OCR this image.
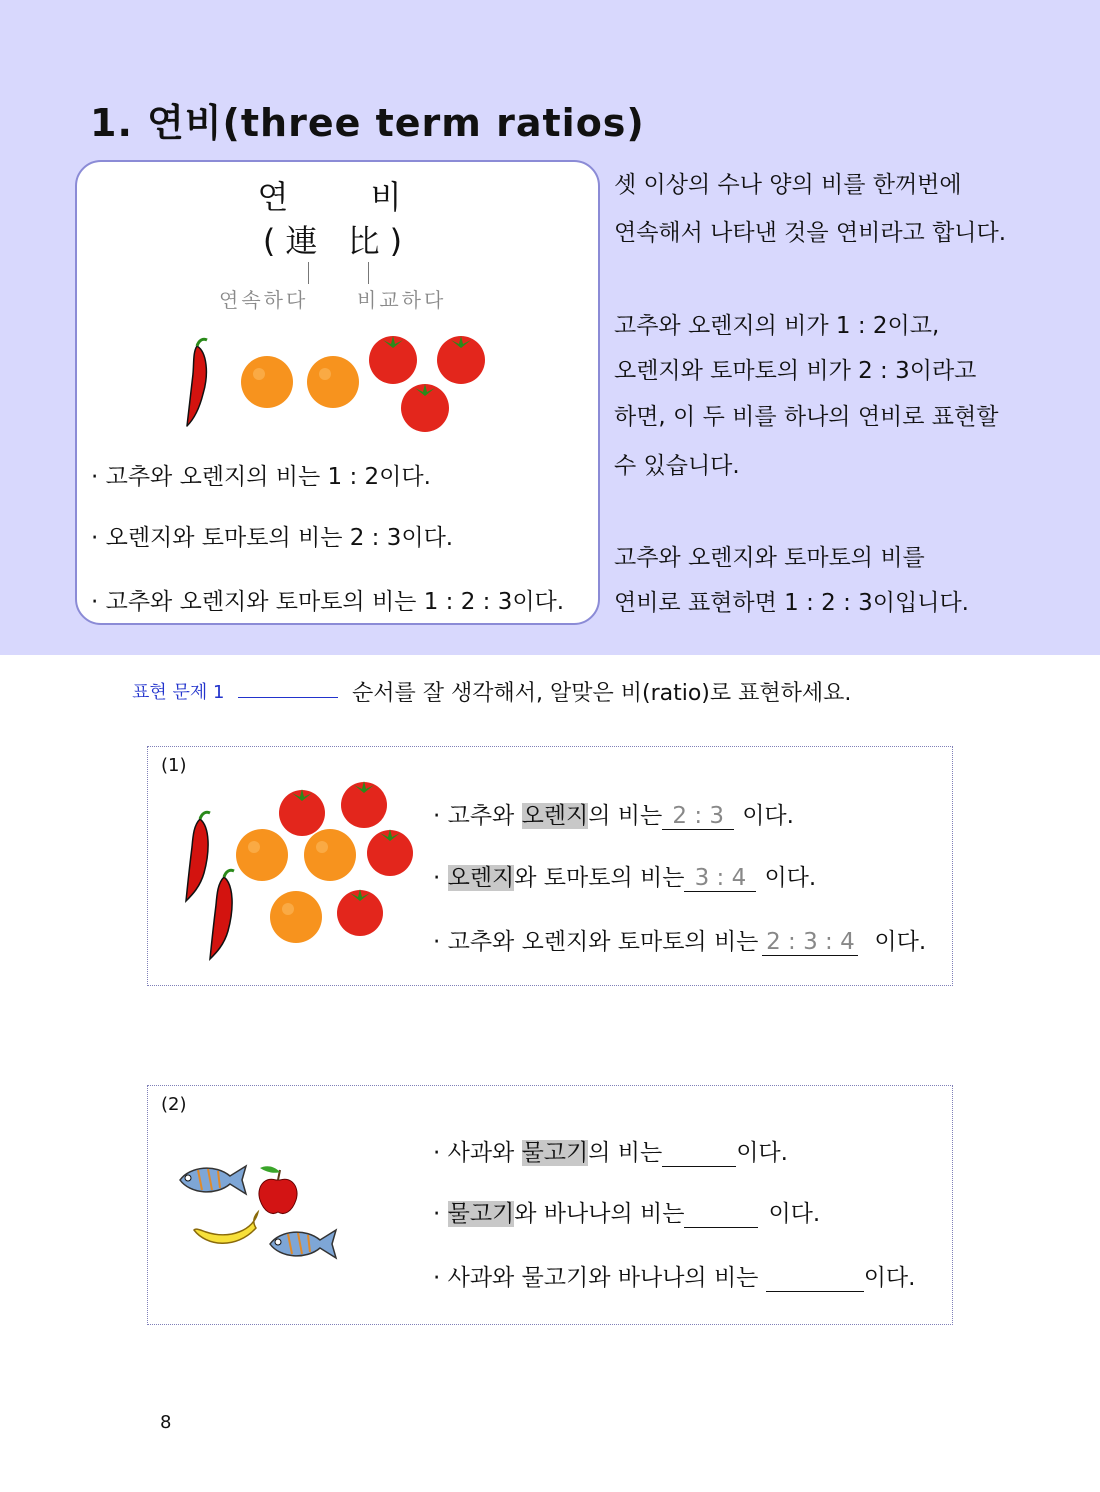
1. 연비(three term ratios)
연 비
(連 比)
연속하다 비교하다
· 고추와 오렌지의 비는 1 : 2이다.
· 오렌지와 토마토의 비는 2 : 3이다.
· 고추와 오렌지와 토마토의 비는 1 : 2 : 3이다.
셋 이상의 수나 양의 비를 한꺼번에
연속해서 나타낸 것을 연비라고 합니다.
고추와 오렌지의 비가 1 : 2이고,
오렌지와 토마토의 비가 2 : 3이라고
하면, 이 두 비를 하나의 연비로 표현할
수 있습니다.
고추와 오렌지와 토마토의 비를
연비로 표현하면 1 : 2 : 3이입니다.
표현 문제 1	순서를 잘 생각해서, 알맞은 비(ratio)로 표현하세요.
(1)
· 고추와 오렌지의 비는 2 : 3 이다.
· 오렌지와 토마토의 비는 3 : 4 이다.
· 고추와 오렌지와 토마토의 비는 2 : 3 : 4 이다.
(2)
· 사과와 물고기의 비는	이다.
· 물고기와 바나나의 비는	이다.
· 사과와 물고기와 바나나의 비는	이다.
8
